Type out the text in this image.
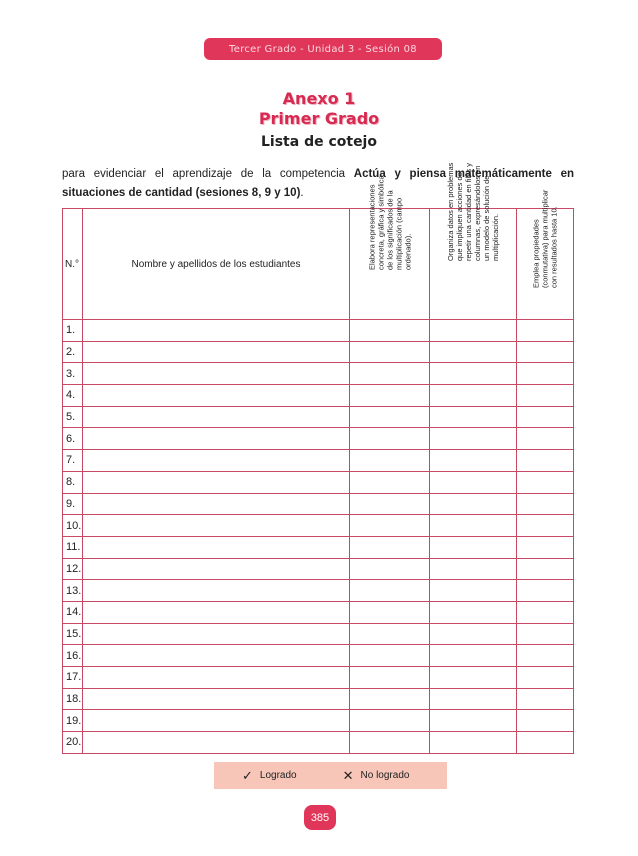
Tercer Grado - Unidad 3 - Sesión 08
Anexo 1
Primer Grado
Lista de cotejo
para evidenciar el aprendizaje de la competencia Actúa y piensa matemáticamente en situaciones de cantidad (sesiones 8, 9 y 10).
N.°	Nombre y apellidos de los estudiantes	Elabora representaciones concreta, gráfica y simbólica de los significados de la multiplicación (campo ordenado).	Organiza datos en problemas que impliquen acciones de repetir una cantidad en filas y columnas, expresándolos en un modelo de solución de multiplicación.	Emplea propiedades (conmutativa) para multiplicar con resultados hasta 10.

1.				
2.				
3.				
4.				
5.				
6.				
7.				
8.				
9.				
10.				
11.				
12.				
13.				
14.				
15.				
16.				
17.				
18.				
19.				
20.				
✓ Logrado	✕ No logrado
385
